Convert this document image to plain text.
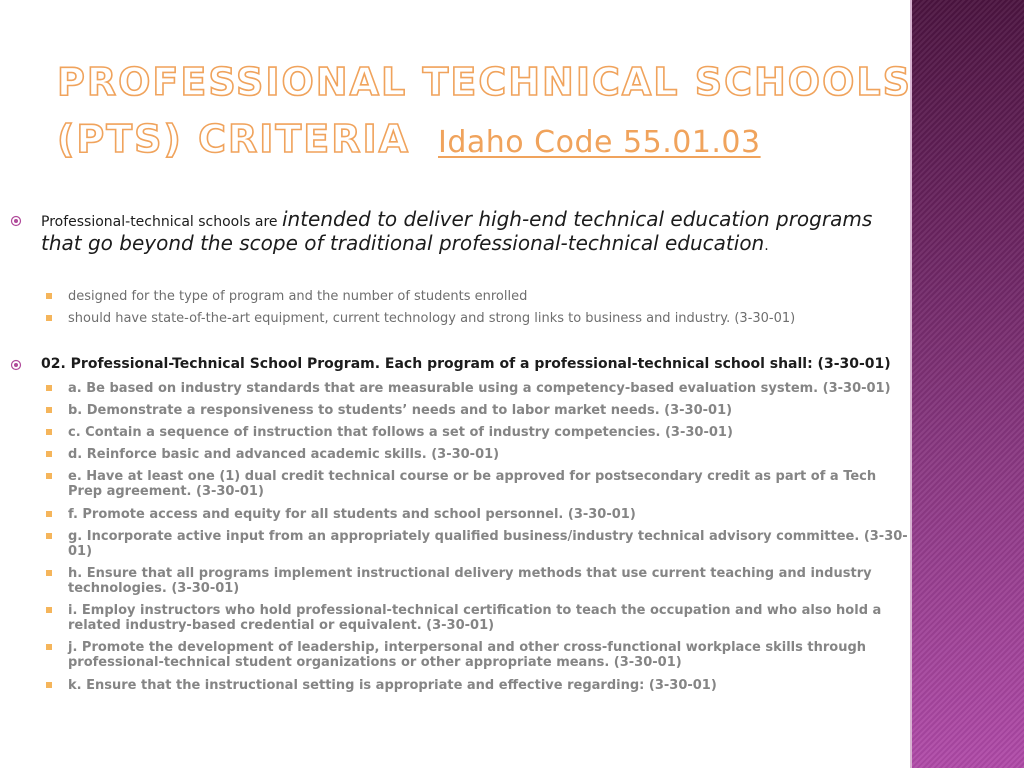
PROFESSIONAL TECHNICAL SCHOOLS
(PTS) CRITERIA Idaho Code 55.01.03
Professional-technical schools are intended to deliver high-end technical education programs that go beyond the scope of traditional professional-technical education.
designed for the type of program and the number of students enrolled
should have state-of-the-art equipment, current technology and strong links to business and industry. (3-30-01)
02. Professional-Technical School Program. Each program of a professional-technical school shall: (3-30-01)
a. Be based on industry standards that are measurable using a competency-based evaluation system. (3-30-01)
b. Demonstrate a responsiveness to students’ needs and to labor market needs. (3-30-01)
c. Contain a sequence of instruction that follows a set of industry competencies. (3-30-01)
d. Reinforce basic and advanced academic skills. (3-30-01)
e. Have at least one (1) dual credit technical course or be approved for postsecondary credit as part of a Tech Prep agreement. (3-30-01)
f. Promote access and equity for all students and school personnel. (3-30-01)
g. Incorporate active input from an appropriately qualified business/industry technical advisory committee. (3-30-01)
h. Ensure that all programs implement instructional delivery methods that use current teaching and industry technologies. (3-30-01)
i. Employ instructors who hold professional-technical certification to teach the occupation and who also hold a related industry-based credential or equivalent. (3-30-01)
j. Promote the development of leadership, interpersonal and other cross-functional workplace skills through professional-technical student organizations or other appropriate means. (3-30-01)
k. Ensure that the instructional setting is appropriate and effective regarding: (3-30-01)
